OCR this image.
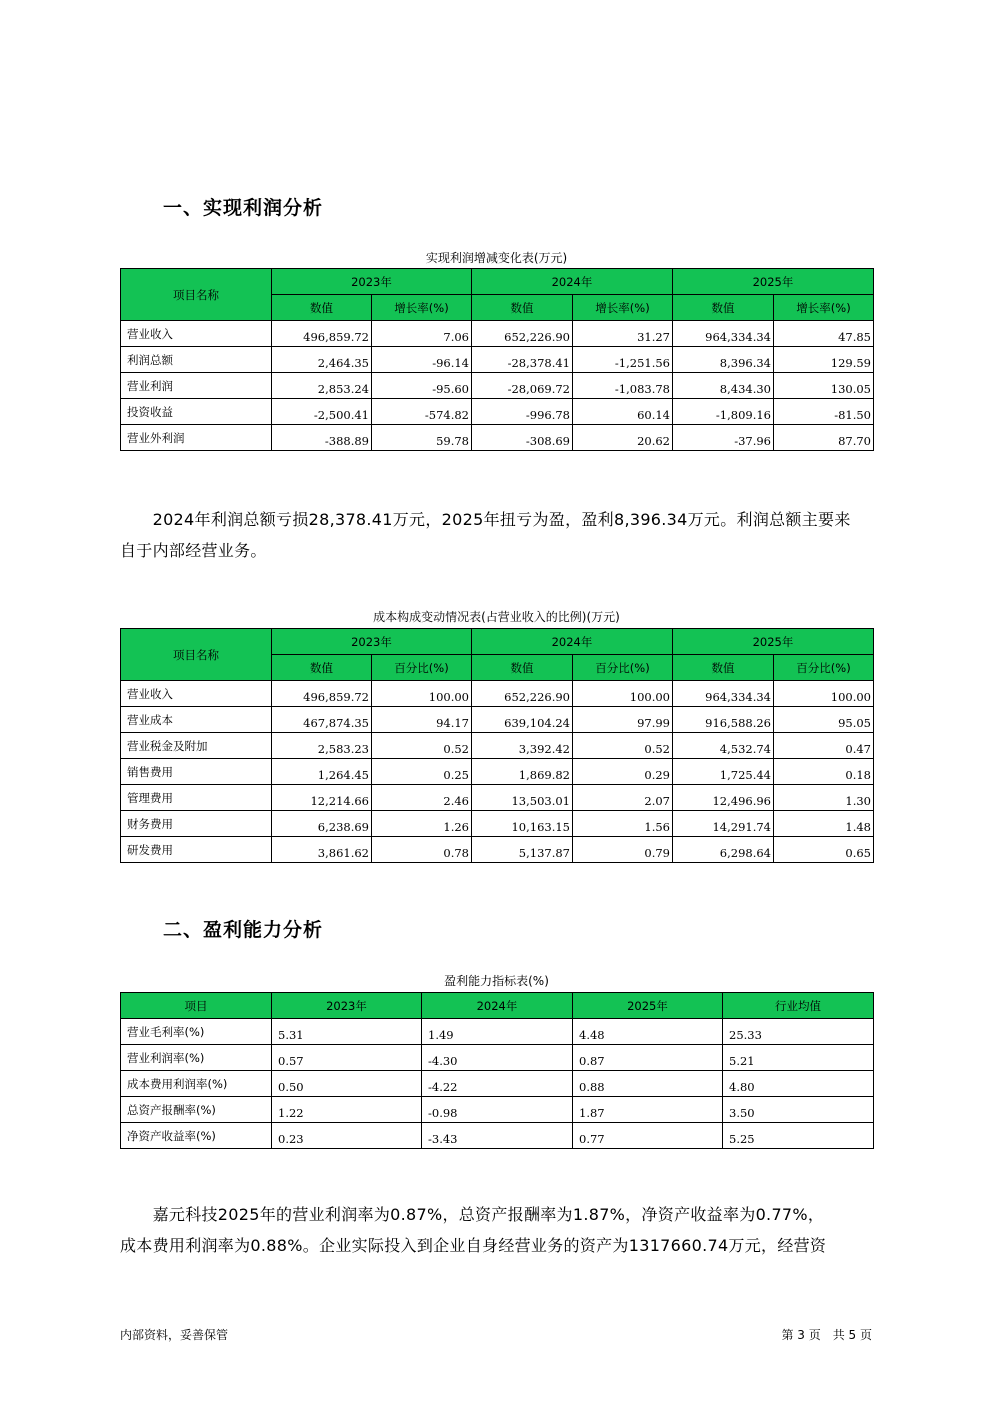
一、实现利润分析
实现利润增减变化表(万元)
项目名称	2023年		2024年		2025年	
	数值	增长率(%)	数值	增长率(%)	数值	增长率(%)
营业收入	496,859.72	7.06	652,226.90	31.27	964,334.34	47.85
利润总额	2,464.35	-96.14	-28,378.41	-1,251.56	8,396.34	129.59
营业利润	2,853.24	-95.60	-28,069.72	-1,083.78	8,434.30	130.05
投资收益	-2,500.41	-574.82	-996.78	60.14	-1,809.16	-81.50
营业外利润	-388.89	59.78	-308.69	20.62	-37.96	87.70

　　2024年利润总额亏损28,378.41万元，2025年扭亏为盈，盈利8,396.34万元。利润总额主要来

自于内部经营业务。

成本构成变动情况表(占营业收入的比例)(万元)
项目名称	2023年		2024年		2025年	
	数值	百分比(%)	数值	百分比(%)	数值	百分比(%)
营业收入	496,859.72	100.00	652,226.90	100.00	964,334.34	100.00
营业成本	467,874.35	94.17	639,104.24	97.99	916,588.26	95.05
营业税金及附加	2,583.23	0.52	3,392.42	0.52	4,532.74	0.47
销售费用	1,264.45	0.25	1,869.82	0.29	1,725.44	0.18
管理费用	12,214.66	2.46	13,503.01	2.07	12,496.96	1.30
财务费用	6,238.69	1.26	10,163.15	1.56	14,291.74	1.48
研发费用	3,861.62	0.78	5,137.87	0.79	6,298.64	0.65
二、盈利能力分析
盈利能力指标表(%)
项目	2023年	2024年	2025年	行业均值
营业毛利率(%)	5.31	1.49	4.48	25.33
营业利润率(%)	0.57	-4.30	0.87	5.21
成本费用利润率(%)	0.50	-4.22	0.88	4.80
总资产报酬率(%)	1.22	-0.98	1.87	3.50
净资产收益率(%)	0.23	-3.43	0.77	5.25

　　嘉元科技2025年的营业利润率为0.87%，总资产报酬率为1.87%，净资产收益率为0.77%，

成本费用利润率为0.88%。企业实际投入到企业自身经营业务的资产为1317660.74万元，经营资

内部资料，妥善保管	第 3 页　共 5 页
